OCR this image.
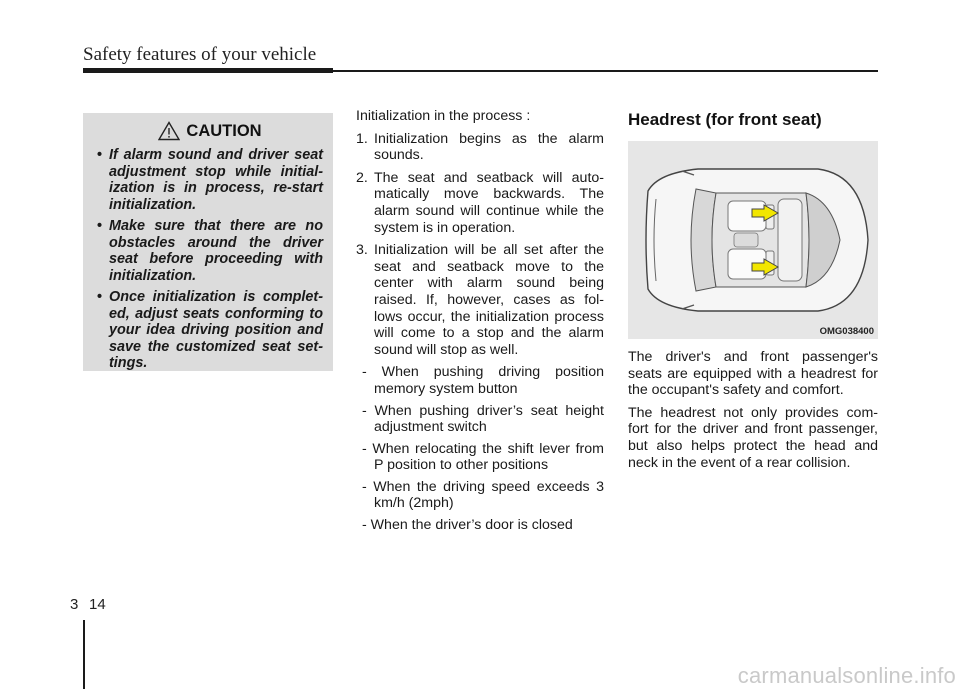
Safety features of your vehicle
CAUTION
• If alarm sound and driver seat adjustment stop while initial-ization is in process, re-start initialization.
• Make sure that there are no obstacles around the driver seat before proceeding with initialization.
• Once initialization is complet-ed, adjust seats conforming to your idea driving position and save the customized seat set-tings.

Initialization in the process :

1. Initialization begins as the alarm sounds.
2. The seat and seatback will auto-matically move backwards. The alarm sound will continue while the system is in operation.
3. Initialization will be all set after the seat and seatback move to the center with alarm sound being raised. If, however, cases as fol-lows occur, the initialization process will come to a stop and the alarm sound will stop as well.
- When pushing driving position memory system button
- When pushing driver’s seat height adjustment switch
- When relocating the shift lever from P position to other positions
- When the driving speed exceeds 3 km/h (2mph)
- When the driver’s door is closed
Headrest (for front seat)
OMG038400

The driver's and front passenger's seats are equipped with a headrest for the occupant's safety and comfort.

The headrest not only provides com-fort for the driver and front passenger, but also helps protect the head and neck in the event of a rear collision.

3 14
carmanualsonline.info
